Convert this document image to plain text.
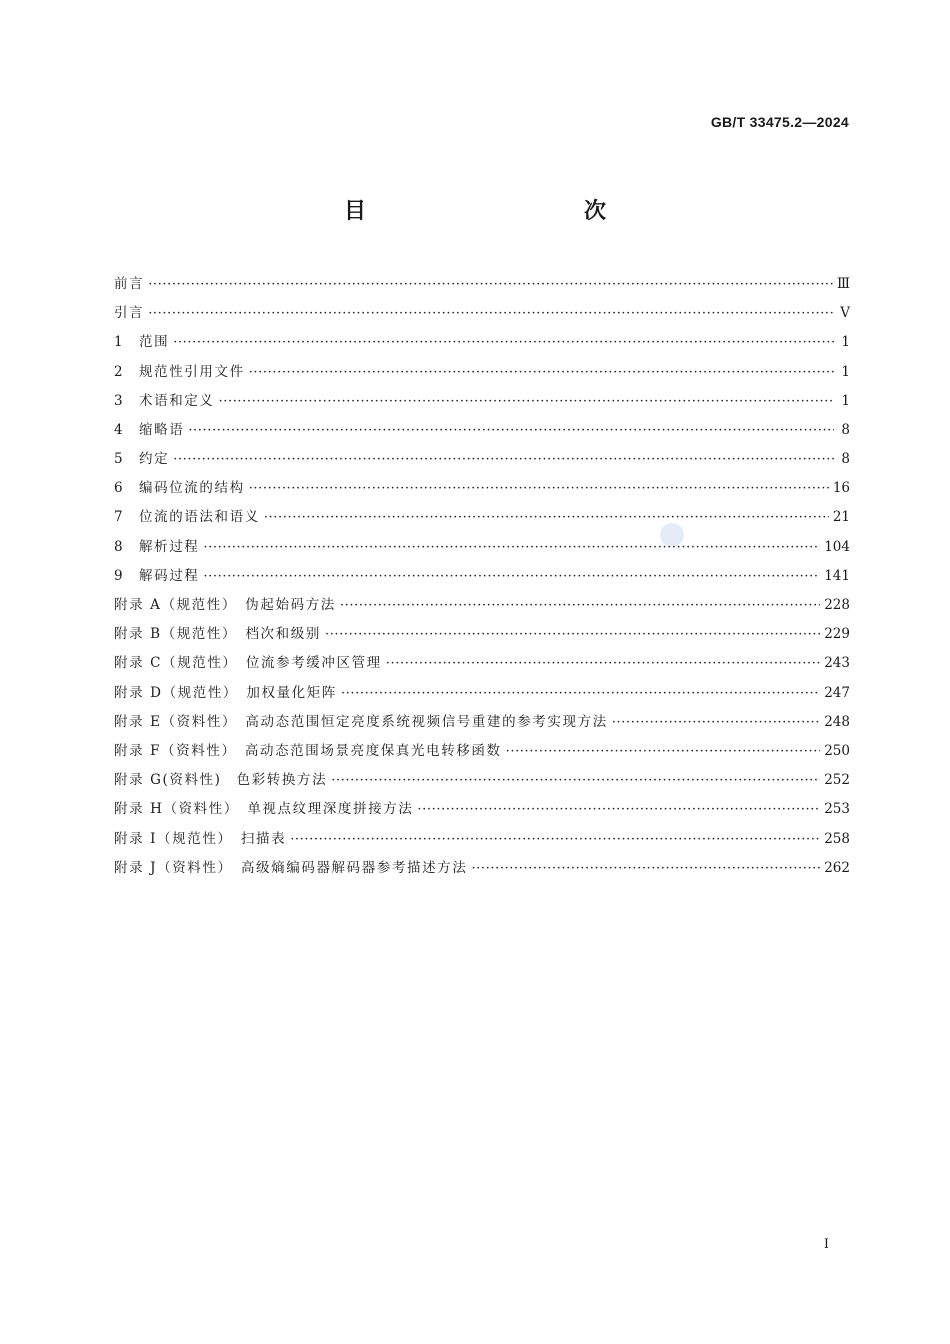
GB/T 33475.2—2024
目　　次
前言 ·····	Ⅲ
引言 ·····	Ⅴ
1	范围 ·····	1
2	规范性引用文件 ·····	1
3	术语和定义 ·····	1
4	缩略语 ·····	8
5	约定 ·····	8
6	编码位流的结构 ·····	16
7	位流的语法和语义 ·····	21
8	解析过程 ·····	104
9	解码过程 ·····	141
附录 A（规范性）　伪起始码方法 ·····	228
附录 B（规范性）　档次和级别 ·····	229
附录 C（规范性）　位流参考缓冲区管理 ·····	243
附录 D（规范性）　加权量化矩阵 ·····	247
附录 E（资料性）　高动态范围恒定亮度系统视频信号重建的参考实现方法 ·····	248
附录 F（资料性）　高动态范围场景亮度保真光电转移函数 ·····	250
附录 G(资料性)　色彩转换方法 ·····	252
附录 H（资料性）　单视点纹理深度拼接方法 ·····	253
附录 I（规范性）　扫描表 ·····	258
附录 J（资料性）　高级熵编码器解码器参考描述方法 ·····	262
I
